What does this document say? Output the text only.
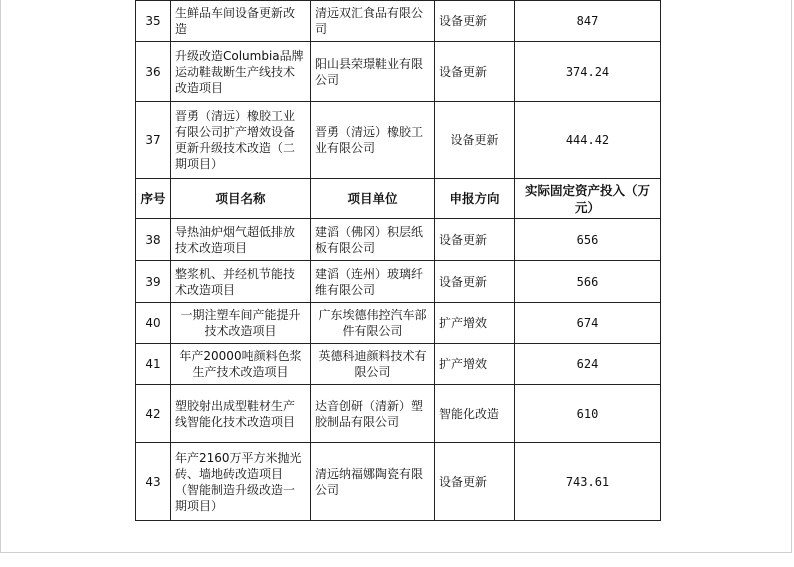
35	生鲜品车间设备更新改造	清远双汇食品有限公司	设备更新	847
36	升级改造Columbia品牌运动鞋裁断生产线技术改造项目	阳山县荣璟鞋业有限公司	设备更新	374.24
37	晋勇（清远）橡胶工业有限公司扩产增效设备更新升级技术改造（二期项目）	晋勇（清远）橡胶工业有限公司	设备更新	444.42
序号	项目名称	项目单位	申报方向	实际固定资产投入（万元）
38	导热油炉烟气超低排放技术改造项目	建滔（佛冈）积层纸板有限公司	设备更新	656
39	整浆机、并经机节能技术改造项目	建滔（连州）玻璃纤维有限公司	设备更新	566
40	一期注塑车间产能提升技术改造项目	广东埃德伟控汽车部件有限公司	扩产增效	674
41	年产20000吨颜料色浆生产技术改造项目	英德科迪颜料技术有限公司	扩产增效	624
42	塑胶射出成型鞋材生产线智能化技术改造项目	达音创研（清新）塑胶制品有限公司	智能化改造	610
43	年产2160万平方米抛光砖、墙地砖改造项目（智能制造升级改造一期项目）	清远纳福娜陶瓷有限公司	设备更新	743.61
